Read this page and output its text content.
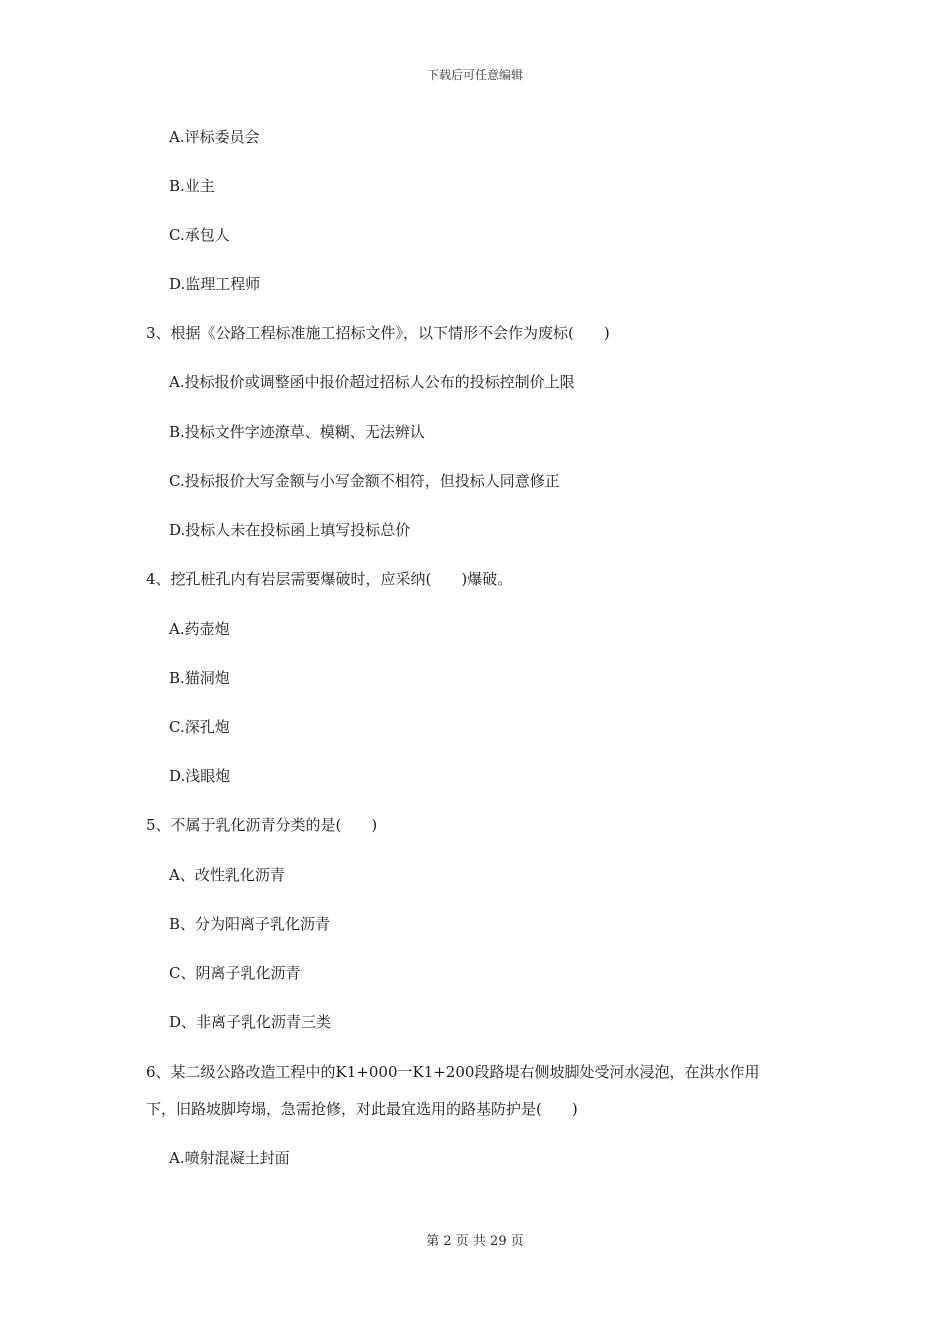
下载后可任意编辑
A.评标委员会
B.业主
C.承包人
D.监理工程师
3、根据《公路工程标准施工招标文件》，以下情形不会作为废标(　　)
A.投标报价或调整函中报价超过招标人公布的投标控制价上限
B.投标文件字迹潦草、模糊、无法辨认
C.投标报价大写金额与小写金额不相符，但投标人同意修正
D.投标人未在投标函上填写投标总价
4、挖孔桩孔内有岩层需要爆破时，应采纳(　　)爆破。
A.药壶炮
B.猫洞炮
C.深孔炮
D.浅眼炮
5、不属于乳化沥青分类的是(　　)
A、改性乳化沥青
B、分为阳离子乳化沥青
C、阴离子乳化沥青
D、非离子乳化沥青三类
6、某二级公路改造工程中的K1+000一K1+200段路堤右侧坡脚处受河水浸泡，在洪水作用
下，旧路坡脚垮塌，急需抢修，对此最宜选用的路基防护是(　　)
A.喷射混凝土封面
第 2 页 共 29 页
